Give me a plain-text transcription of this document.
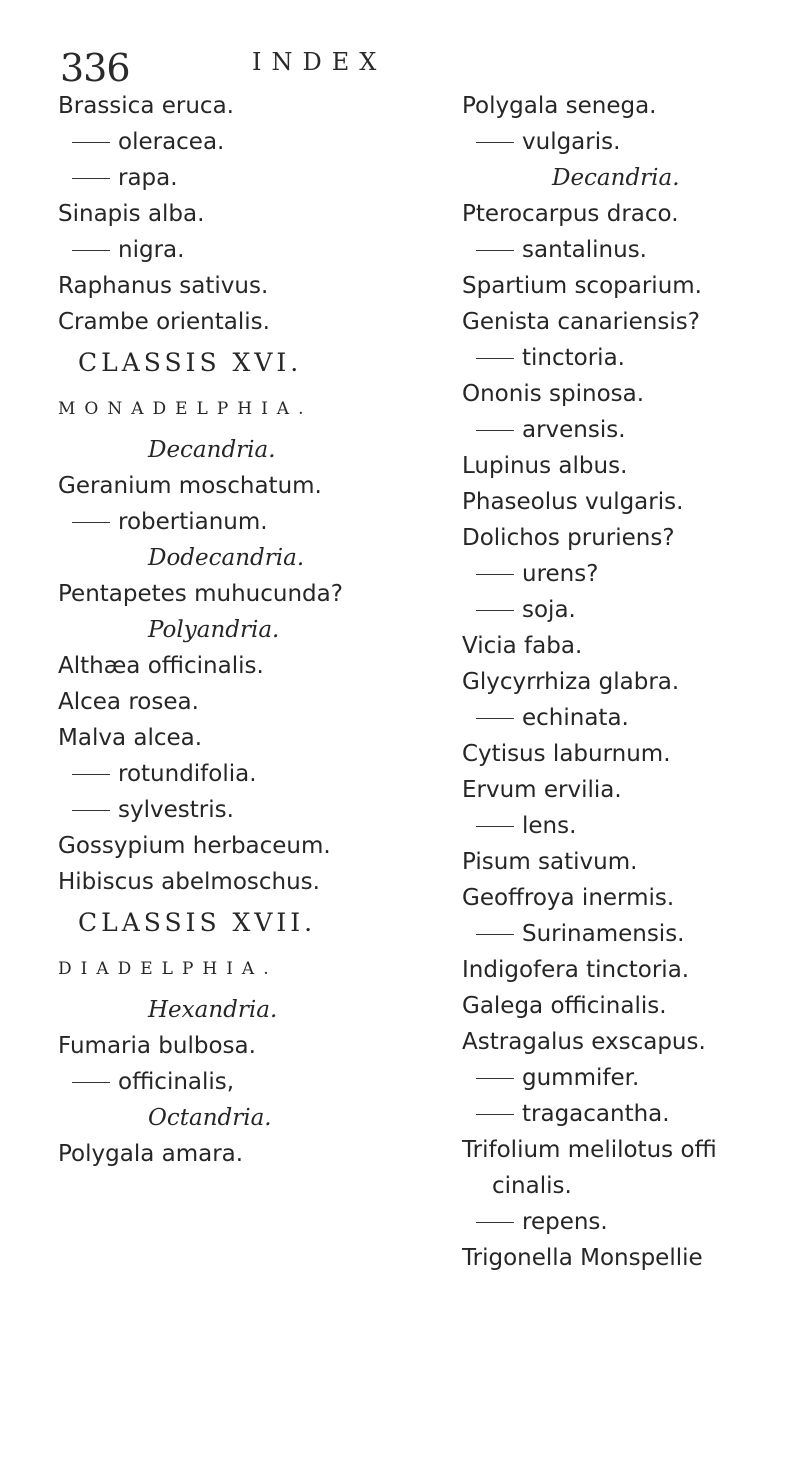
336	INDEX
Brassica eruca.
oleracea.
rapa.
Sinapis alba.
nigra.
Raphanus sativus.
Crambe orientalis.
CLASSIS XVI.
MONADELPHIA.
Decandria.
Geranium moschatum.
robertianum.
Dodecandria.
Pentapetes muhucunda?
Polyandria.
Althæa officinalis.
Alcea rosea.
Malva alcea.
rotundifolia.
sylvestris.
Gossypium herbaceum.
Hibiscus abelmoschus.
CLASSIS XVII.
DIADELPHIA.
Hexandria.
Fumaria bulbosa.
officinalis,
Octandria.
Polygala amara.
Polygala senega.
vulgaris.
Decandria.
Pterocarpus draco.
santalinus.
Spartium scoparium.
Genista canariensis?
tinctoria.
Ononis spinosa.
arvensis.
Lupinus albus.
Phaseolus vulgaris.
Dolichos pruriens?
urens?
soja.
Vicia faba.
Glycyrrhiza glabra.
echinata.
Cytisus laburnum.
Ervum ervilia.
lens.
Pisum sativum.
Geoffroya inermis.
Surinamensis.
Indigofera tinctoria.
Galega officinalis.
Astragalus exscapus.
gummifer.
tragacantha.
Trifolium melilotus offi
cinalis.
repens.
Trigonella Monspellie
